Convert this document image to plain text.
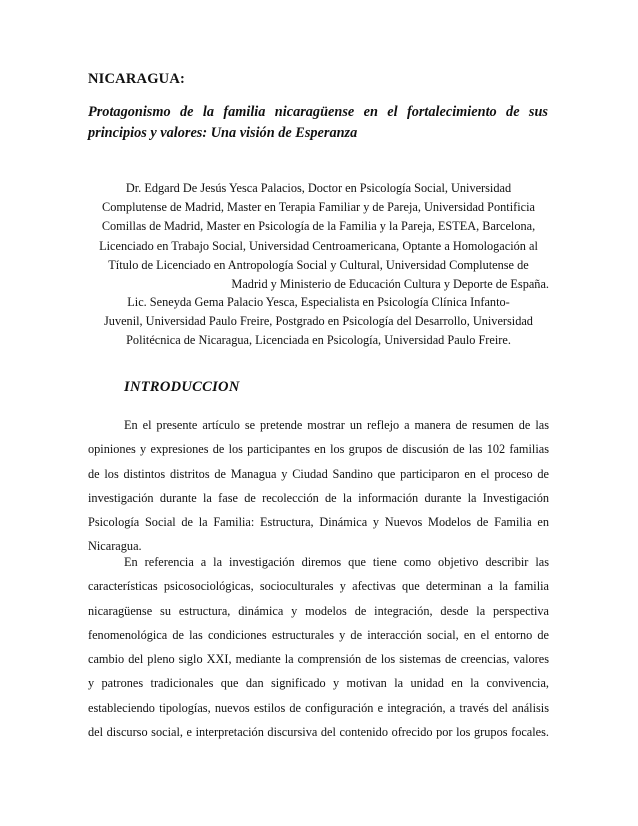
NICARAGUA:
Protagonismo de la familia nicaragüense en el fortalecimiento de sus
principios y valores: Una visión de Esperanza
Dr. Edgard De Jesús Yesca Palacios, Doctor en Psicología Social, Universidad
Complutense de Madrid, Master en Terapia Familiar y de Pareja, Universidad Pontificia
Comillas de Madrid, Master en Psicología de la Familia y la Pareja, ESTEA, Barcelona,
Licenciado en Trabajo Social, Universidad Centroamericana, Optante a Homologación al
Título de Licenciado en Antropología Social y Cultural, Universidad Complutense de
Madrid y Ministerio de Educación Cultura y Deporte de España.
Lic. Seneyda Gema Palacio Yesca, Especialista en Psicología Clínica Infanto-
Juvenil, Universidad Paulo Freire, Postgrado en Psicología del Desarrollo, Universidad
Politécnica de Nicaragua, Licenciada en Psicología, Universidad Paulo Freire.
INTRODUCCION
En el presente artículo se pretende mostrar un reflejo a manera de resumen de las
opiniones y expresiones de los participantes en los grupos de discusión de las 102 familias
de los distintos distritos de Managua y Ciudad Sandino que participaron en el proceso de
investigación durante la fase de recolección de la información durante la Investigación
Psicología Social de la Familia: Estructura, Dinámica y Nuevos Modelos de Familia en
Nicaragua.
En referencia a la investigación diremos que tiene como objetivo describir las
características psicosociológicas, socioculturales y afectivas que determinan a la familia
nicaragüense su estructura, dinámica y modelos de integración, desde la perspectiva
fenomenológica de las condiciones estructurales y de interacción social, en el entorno de
cambio del pleno siglo XXI, mediante la comprensión de los sistemas de creencias, valores
y patrones tradicionales que dan significado y motivan la unidad en la convivencia,
estableciendo tipologías, nuevos estilos de configuración e integración, a través del análisis
del discurso social, e interpretación discursiva del contenido ofrecido por los grupos focales.
